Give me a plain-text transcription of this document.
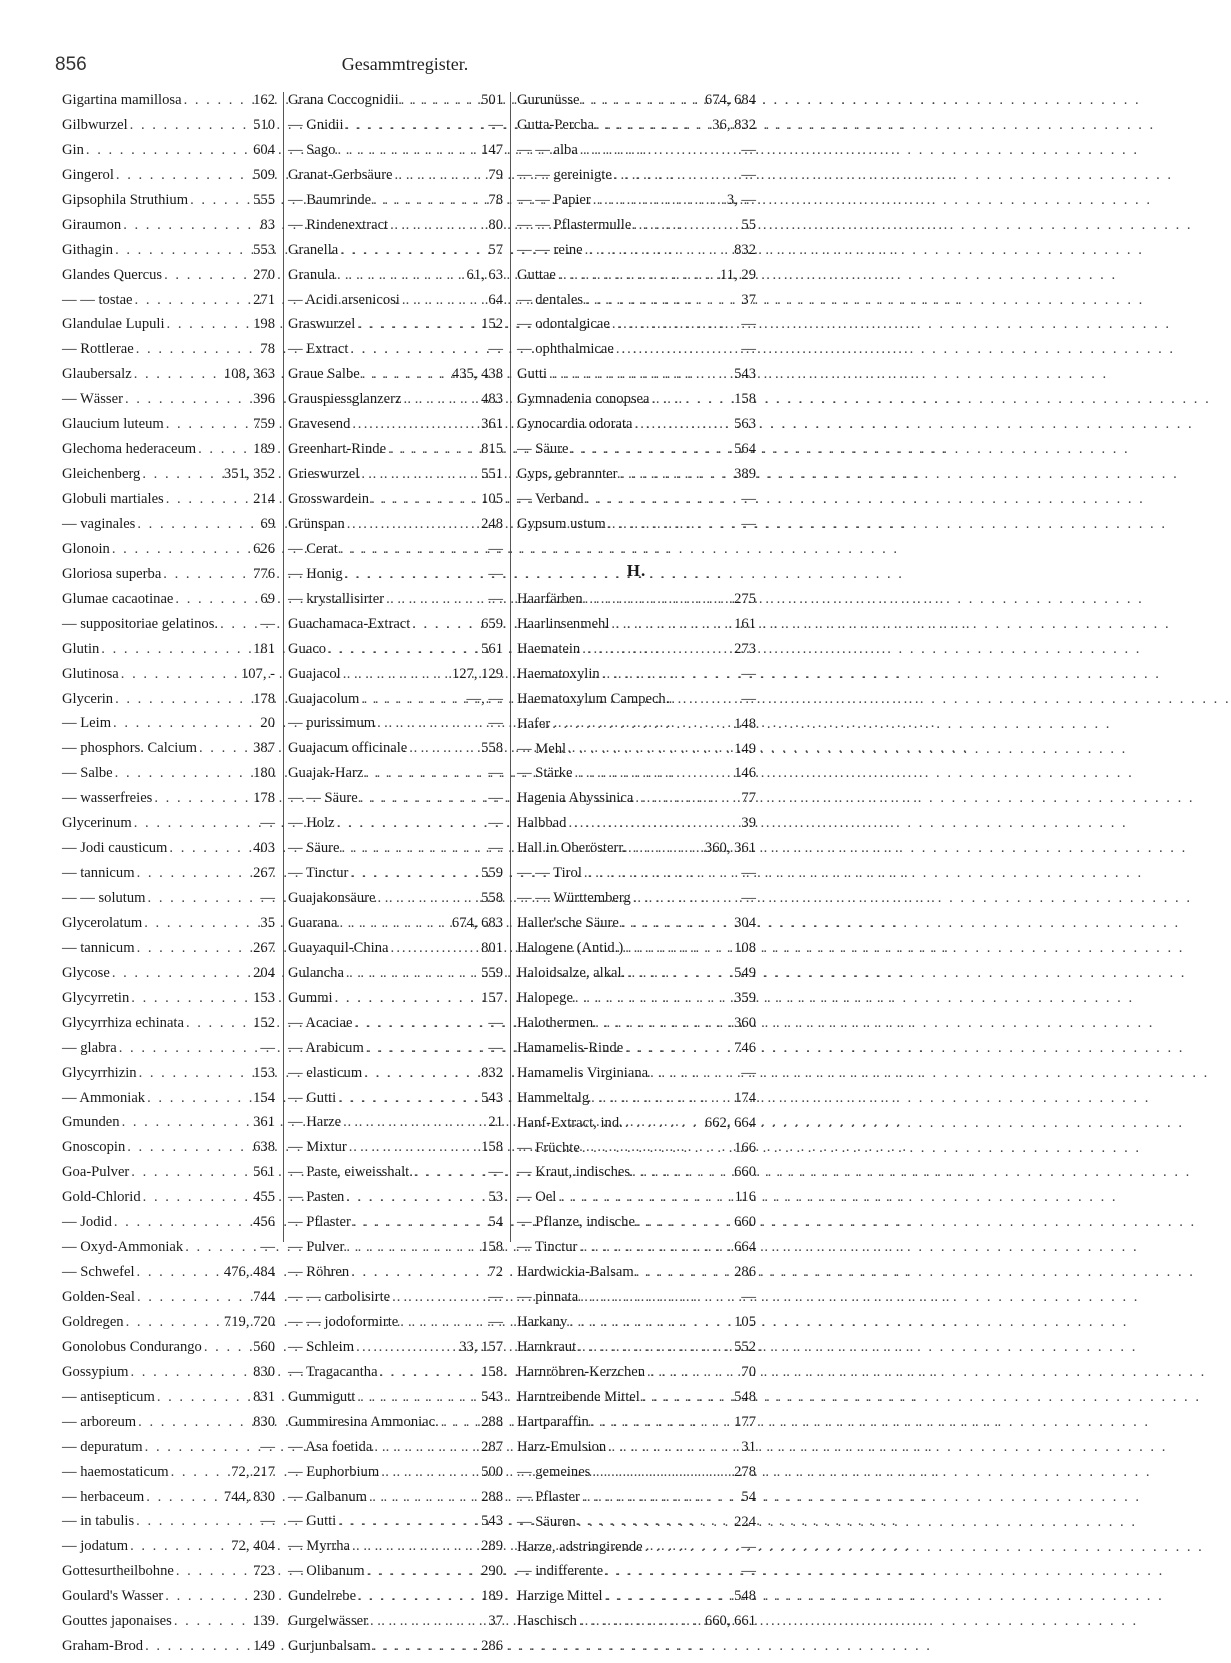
856	Gesammtregister.
Gigartina mamillosa . . .	162
Gilbwurzel . . .	510
Gin . . .	604
Gingerol . . .	509
Gipsophila Struthium . . .	555
Giraumon . . .	83
Githagin . . .	553
Glandes Quercus . . .	270
— — tostae . . .	271
Glandulae Lupuli . . .	198
— Rottlerae . . .	78
Glaubersalz . . .	108, 363
— Wässer . . .	396
Glaucium luteum . . .	759
Glechoma hederaceum . . .	189
Gleichenberg . . .	351, 352
Globuli martiales . . .	214
— vaginales . . .	69
Glonoin . . .	626
Gloriosa superba . . .	776
Glumae cacaotinae . . .	69
— suppositoriae gelatinos. . . .	—
Glutin . . .	181
Glutinosa . . .	107, -
Glycerin . . .	178
— Leim . . .	20
— phosphors. Calcium . . .	387
— Salbe . . .	180
— wasserfreies . . .	178
Glycerinum . . .	—
— Jodi causticum . . .	403
— tannicum . . .	267
— — solutum . . .	—
Glycerolatum . . .	35
— tannicum . . .	267
Glycose . . .	204
Glycyrretin . . .	153
Glycyrrhiza echinata . . .	152
— glabra . . .	—
Glycyrrhizin . . .	153
— Ammoniak . . .	154
Gmunden . . .	361
Gnoscopin . . .	638
Goa-Pulver . . .	561
Gold-Chlorid . . .	455
— Jodid . . .	456
— Oxyd-Ammoniak . . .	—
— Schwefel . . .	476, 484
Golden-Seal . . .	744
Goldregen . . .	719, 720
Gonolobus Condurango . . .	560
Gossypium . . .	830
— antisepticum . . .	831
— arboreum . . .	830
— depuratum . . .	—
— haemostaticum . . .	72, 217
— herbaceum . . .	744, 830
— in tabulis . . .	—
— jodatum . . .	72, 404
Gottesurtheilbohne . . .	723
Goulard's Wasser . . .	230
Gouttes japonaises . . .	139
Graham-Brod . . .	149
Grana Coccognidii . . .	501
— Gnidii . . .	—
— Sago . . .	147
Granat-Gerbsäure . . .	79
— Baumrinde . . .	78
— Rindenextract . . .	80
Granella . . .	57
Granula . . .	61, 63
— Acidi arsenicosi . . .	64
Graswurzel . . .	152
— Extract . . .	—
Graue Salbe . . .	435, 438
Grauspiessglanzerz . . .	483
Gravesend . . .	361
Greenhart-Rinde . . .	815
Grieswurzel . . .	551
Grosswardein . . .	105
Grünspan . . .	248
— Cerat . . .	—
— Honig . . .	—
— krystallisirter . . .	—
Guachamaca-Extract . . .	659
Guaco . . .	561
Guajacol . . .	127, 129
Guajacolum . . .	—, —
— purissimum . . .	—
Guajacum officinale . . .	558
Guajak-Harz . . .	—
— — Säure . . .	—
— Holz . . .	—
— Säure . . .	—
— Tinctur . . .	559
Guajakonsäure . . .	558
Guarana . . .	674, 683
Guayaquil-China . . .	801
Gulancha . . .	559
Gummi . . .	157
— Acaciae . . .	—
— Arabicum . . .	—
— elasticum . . .	832
— Gutti . . .	543
— Harze . . .	21
— Mixtur . . .	158
— Paste, eiweisshalt. . . .	—
— Pasten . . .	53
— Pflaster . . .	54
— Pulver . . .	158
— Röhren . . .	72
— — carbolisirte . . .	—
— — jodoformirte . . .	—
— Schleim . . .	33, 157
— Tragacantha . . .	158
Gummigutt . . .	543
Gummiresina Ammoniac. . . .	288
— Asa foetida . . .	287
— Euphorbium . . .	500
— Galbanum . . .	288
— Gutti . . .	543
— Myrrha . . .	289
— Olibanum . . .	290
Gundelrebe . . .	189
Gurgelwässer . . .	37
Gurjunbalsam . . .	286
Gurunüsse . . .	674, 684
Gutta-Percha . . .	36, 832
— — alba . . .	—
— — gereinigte . . .	—
— — Papier . . .	3, —
— — Pflastermulle . . .	55
— — reine . . .	832
Guttae . . .	11, 29
— dentales . . .	37
— odontalgicae . . .	—
— ophthalmicae . . .	—
Gutti . . .	543
Gymnadenia conopsea . . .	158
Gynocardia odorata . . .	563
— Säure . . .	564
Gyps, gebrannter . . .	389
— Verband . . .	—
Gypsum ustum . . .	—
H.
Haarfärben . . .	275
Haarlinsenmehl . . .	161
Haematein . . .	273
Haematoxylin . . .	—
Haematoxylum Campech. . . .	—
Hafer . . .	148
— Mehl . . .	149
— Stärke . . .	146
Hagenia Abyssinica . . .	77
Halbbad . . .	39
Hall in Oberösterr. . . .	360, 361
— — Tirol . . .	—
— — Württemberg . . .	—
Haller'sche Säure . . .	304
Halogene (Antid.) . . .	108
Haloidsalze, alkal. . . .	549
Halopege . . .	359
Halothermen . . .	360
Hamamelis-Rinde . . .	746
Hamamelis Virginiana . . .	—
Hammeltalg . . .	174
Hanf-Extract, ind. . . .	662, 664
— Früchte . . .	166
— Kraut, indisches . . .	660
— Oel . . .	116
— Pflanze, indische . . .	660
— Tinctur . . .	664
Hardwickia-Balsam . . .	286
— pinnata . . .	—
Harkany . . .	105
Harnkraut . . .	552
Harnröhren-Kerzchen . . .	70
Harntreibende Mittel . . .	548
Hartparaffin . . .	177
Harz-Emulsion . . .	31
— gemeines . . .	278
— Pflaster . . .	54
— Säuren . . .	224
Harze, adstringirende . . .	—
— indifferente . . .	—
Harzige Mittel . . .	548
Haschisch . . .	660, 661
